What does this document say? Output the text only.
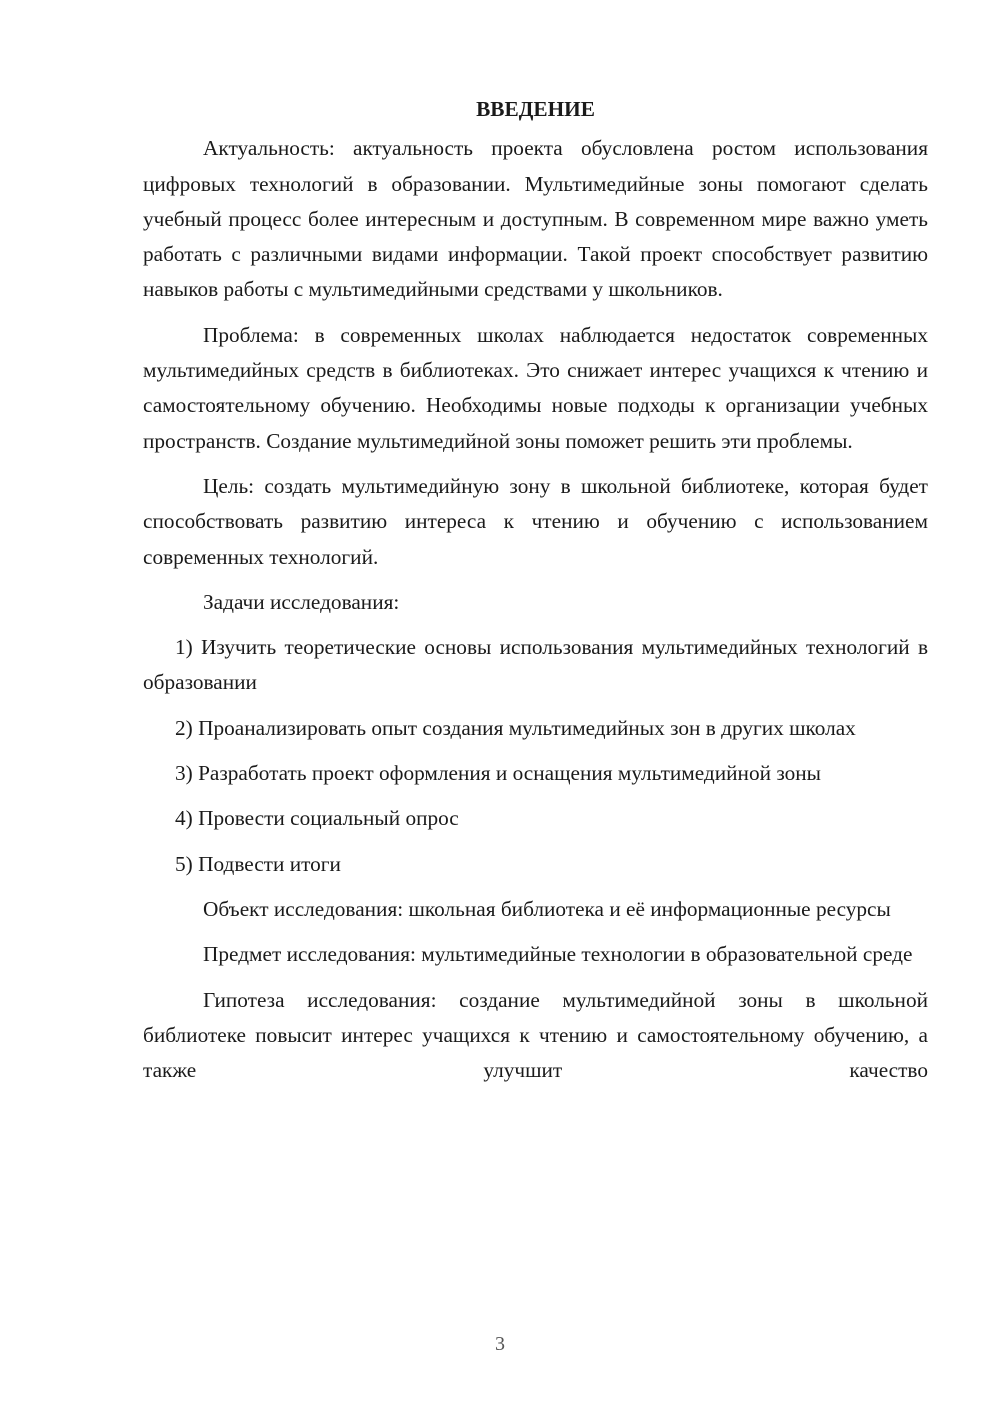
ВВЕДЕНИЕ

Актуальность: актуальность проекта обусловлена ростом использования цифровых технологий в образовании. Мультимедийные зоны помогают сделать учебный процесс более интересным и доступным. В современном мире важно уметь работать с различными видами информации. Такой проект способствует развитию навыков работы с мультимедийными средствами у школьников.

Проблема: в современных школах наблюдается недостаток современных мультимедийных средств в библиотеках. Это снижает интерес учащихся к чтению и самостоятельному обучению. Необходимы новые подходы к организации учебных пространств. Создание мультимедийной зоны поможет решить эти проблемы.

Цель: создать мультимедийную зону в школьной библиотеке, которая будет способствовать развитию интереса к чтению и обучению с использованием современных технологий.

Задачи исследования:

1) Изучить теоретические основы использования мультимедийных технологий в образовании

2) Проанализировать опыт создания мультимедийных зон в других школах

3) Разработать проект оформления и оснащения мультимедийной зоны

4) Провести социальный опрос

5) Подвести итоги

Объект исследования: школьная библиотека и её информационные ресурсы

Предмет исследования: мультимедийные технологии в образовательной среде

Гипотеза исследования: создание мультимедийной зоны в школьной библиотеке повысит интерес учащихся к чтению и самостоятельному обучению, а также улучшит качество

3
